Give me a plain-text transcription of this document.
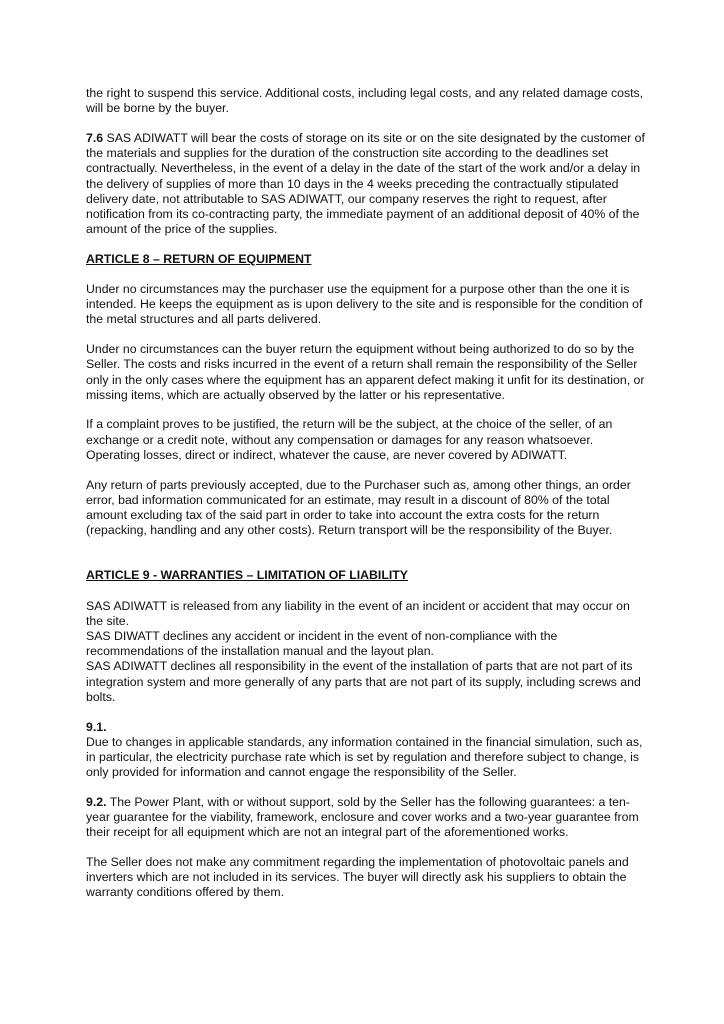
the right to suspend this service. Additional costs, including legal costs, and any related damage costs, will be borne by the buyer.

7.6 SAS ADIWATT will bear the costs of storage on its site or on the site designated by the customer of the materials and supplies for the duration of the construction site according to the deadlines set contractually. Nevertheless, in the event of a delay in the date of the start of the work and/or a delay in the delivery of supplies of more than 10 days in the 4 weeks preceding the contractually stipulated delivery date, not attributable to SAS ADIWATT, our company reserves the right to request, after notification from its co-contracting party, the immediate payment of an additional deposit of 40% of the amount of the price of the supplies.

ARTICLE 8 – RETURN OF EQUIPMENT

Under no circumstances may the purchaser use the equipment for a purpose other than the one it is intended. He keeps the equipment as is upon delivery to the site and is responsible for the condition of the metal structures and all parts delivered.

Under no circumstances can the buyer return the equipment without being authorized to do so by the Seller. The costs and risks incurred in the event of a return shall remain the responsibility of the Seller only in the only cases where the equipment has an apparent defect making it unfit for its destination, or missing items, which are actually observed by the latter or his representative.

If a complaint proves to be justified, the return will be the subject, at the choice of the seller, of an exchange or a credit note, without any compensation or damages for any reason whatsoever. Operating losses, direct or indirect, whatever the cause, are never covered by ADIWATT.

Any return of parts previously accepted, due to the Purchaser such as, among other things, an order error, bad information communicated for an estimate, may result in a discount of 80% of the total amount excluding tax of the said part in order to take into account the extra costs for the return (repacking, handling and any other costs). Return transport will be the responsibility of the Buyer.

ARTICLE 9 - WARRANTIES – LIMITATION OF LIABILITY

SAS ADIWATT is released from any liability in the event of an incident or accident that may occur on the site.
SAS DIWATT declines any accident or incident in the event of non-compliance with the recommendations of the installation manual and the layout plan.
SAS ADIWATT declines all responsibility in the event of the installation of parts that are not part of its integration system and more generally of any parts that are not part of its supply, including screws and bolts.

9.1.

Due to changes in applicable standards, any information contained in the financial simulation, such as, in particular, the electricity purchase rate which is set by regulation and therefore subject to change, is only provided for information and cannot engage the responsibility of the Seller.

9.2. The Power Plant, with or without support, sold by the Seller has the following guarantees: a ten-year guarantee for the viability, framework, enclosure and cover works and a two-year guarantee from their receipt for all equipment which are not an integral part of the aforementioned works.

The Seller does not make any commitment regarding the implementation of photovoltaic panels and inverters which are not included in its services. The buyer will directly ask his suppliers to obtain the warranty conditions offered by them.
